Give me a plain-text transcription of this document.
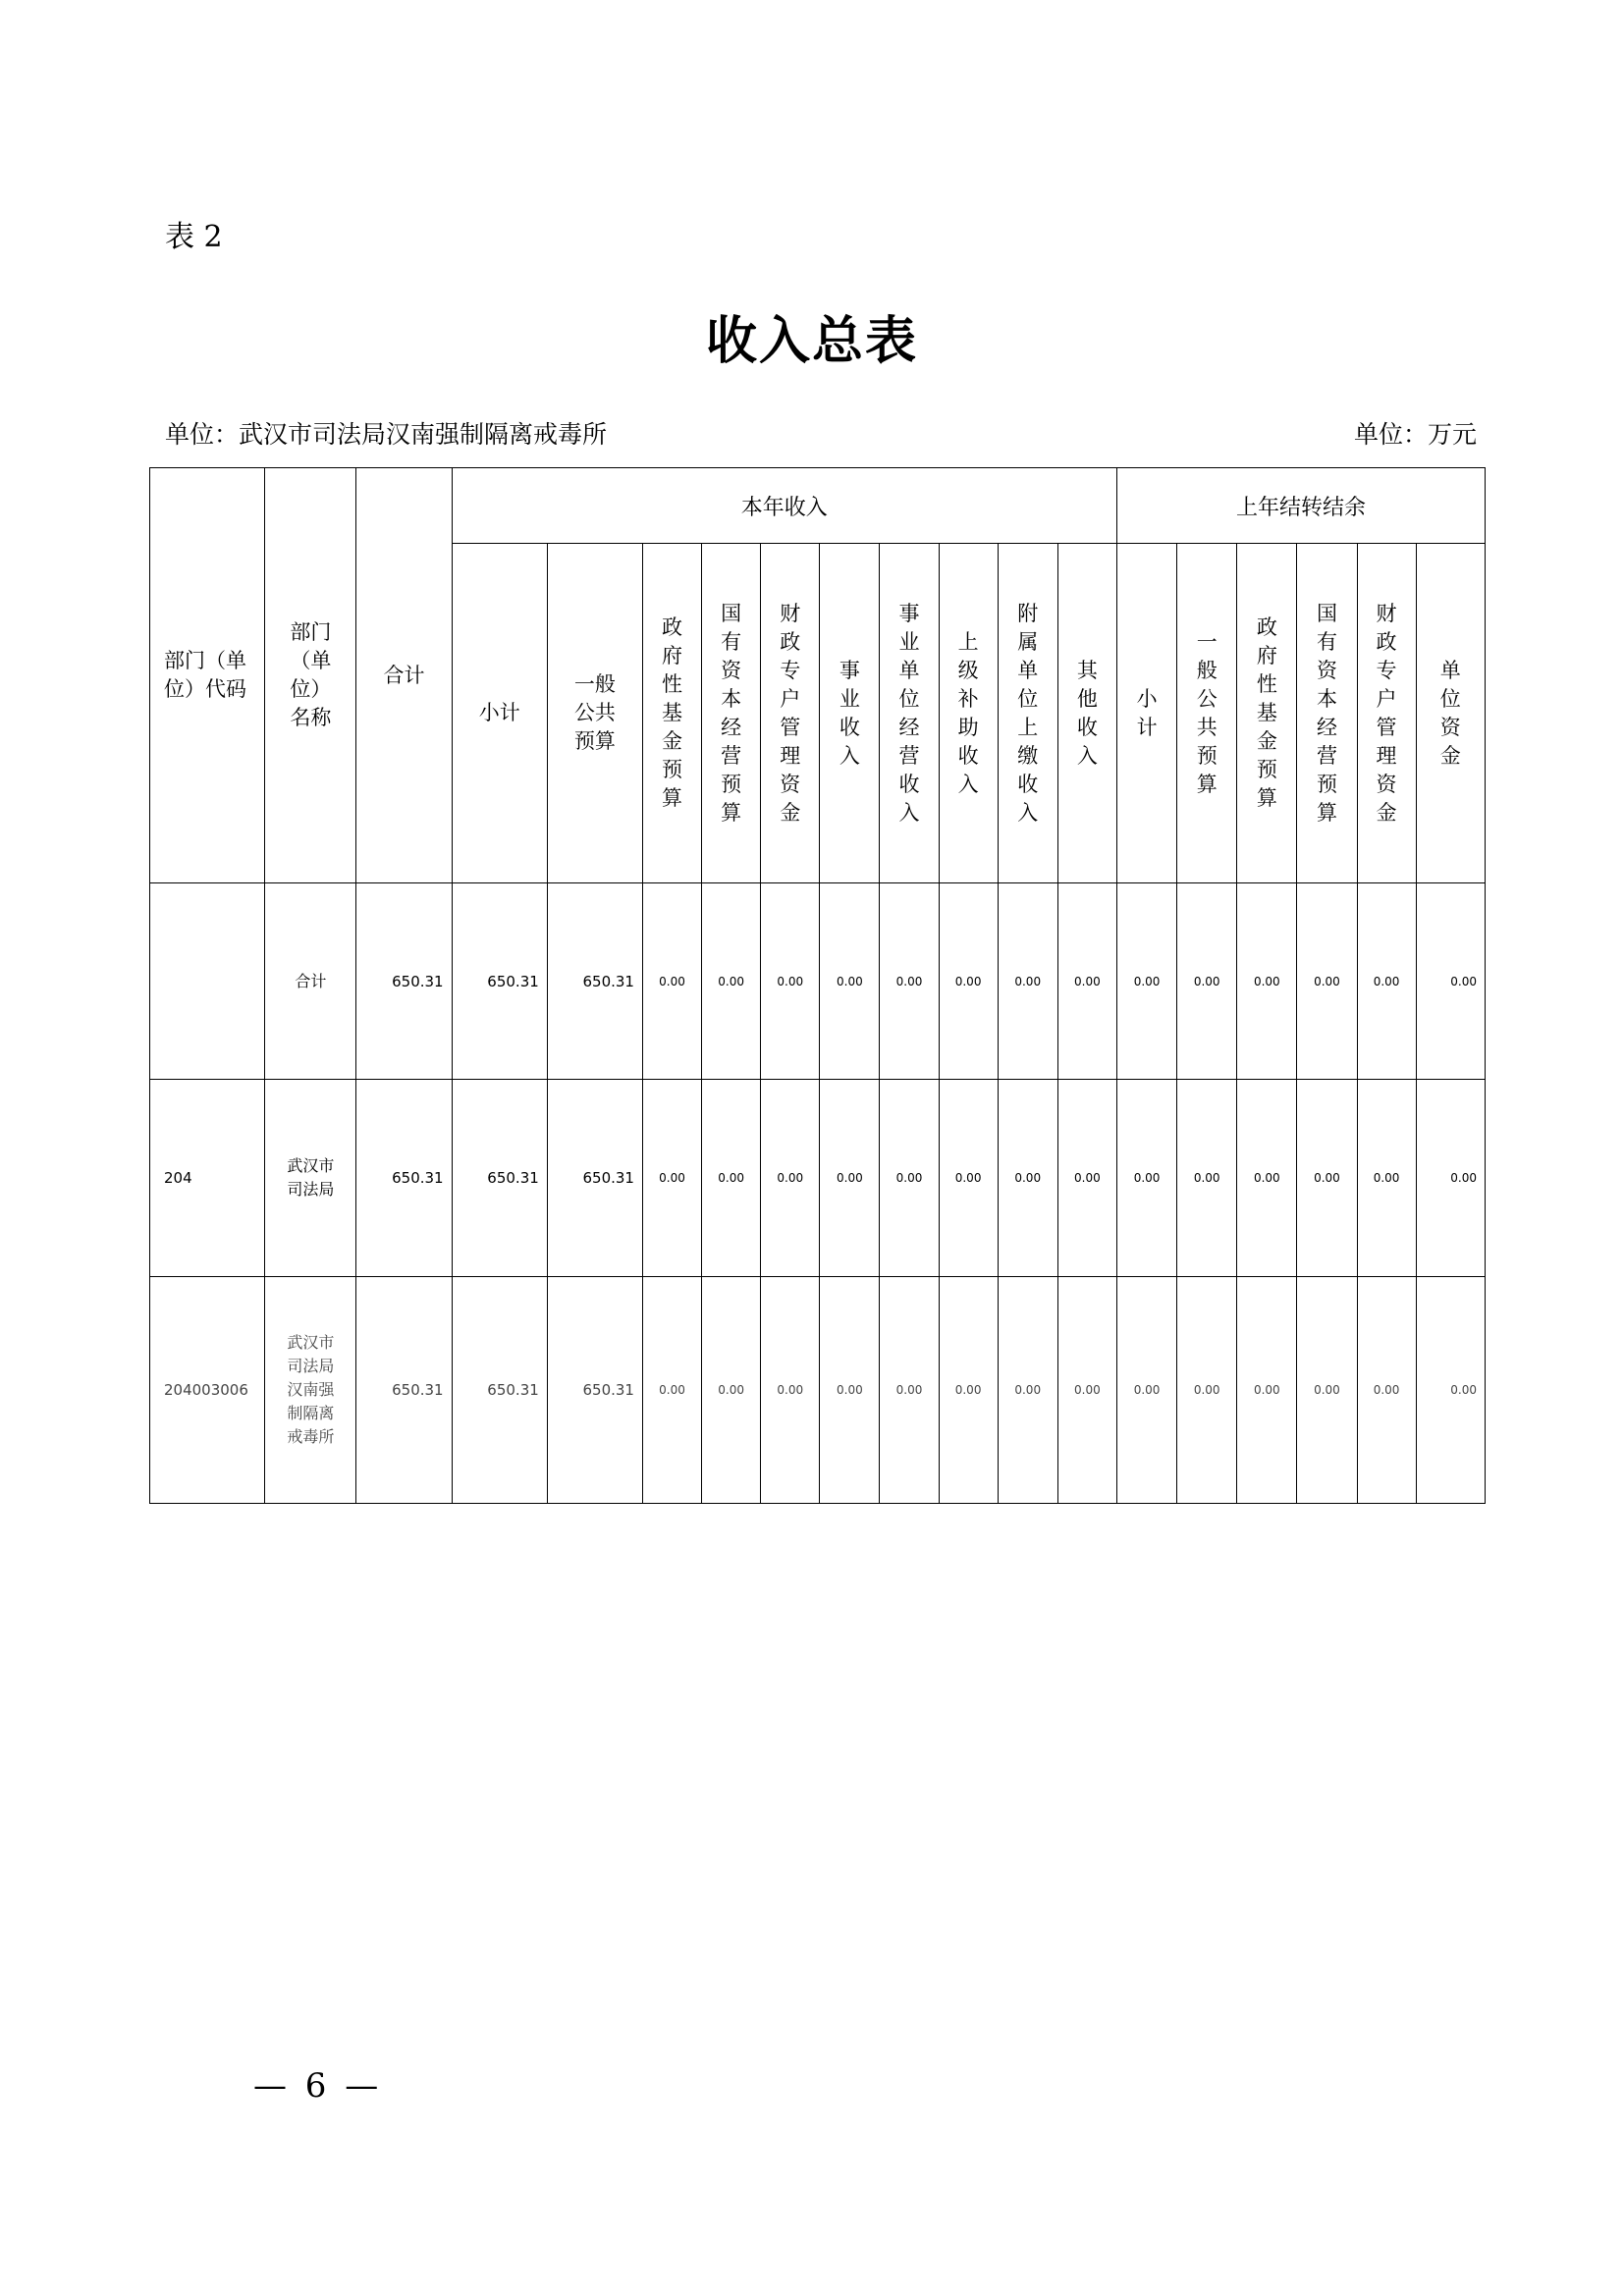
表 2
收入总表
单位：武汉市司法局汉南强制隔离戒毒所	单位：万元
部门（单位）代码	部门（单位）名称	合计	本年收入										上年结转结余					

			小计	一般公共预算	政府性基金预算	国有资本经营预算	财政专户管理资金	事业收入	事业单位经营收入	上级补助收入	附属单位上缴收入	其他收入	小计	一般公共预算	政府性基金预算	国有资本经营预算	财政专户管理资金	单位资金

	合计	650.31	650.31	650.31	0.00	0.00	0.00	0.00	0.00	0.00	0.00	0.00	0.00	0.00	0.00	0.00	0.00	0.00
204	武汉市司法局	650.31	650.31	650.31	0.00	0.00	0.00	0.00	0.00	0.00	0.00	0.00	0.00	0.00	0.00	0.00	0.00	0.00
204003006	武汉市司法局汉南强制隔离戒毒所	650.31	650.31	650.31	0.00	0.00	0.00	0.00	0.00	0.00	0.00	0.00	0.00	0.00	0.00	0.00	0.00	0.00
— 6 —
